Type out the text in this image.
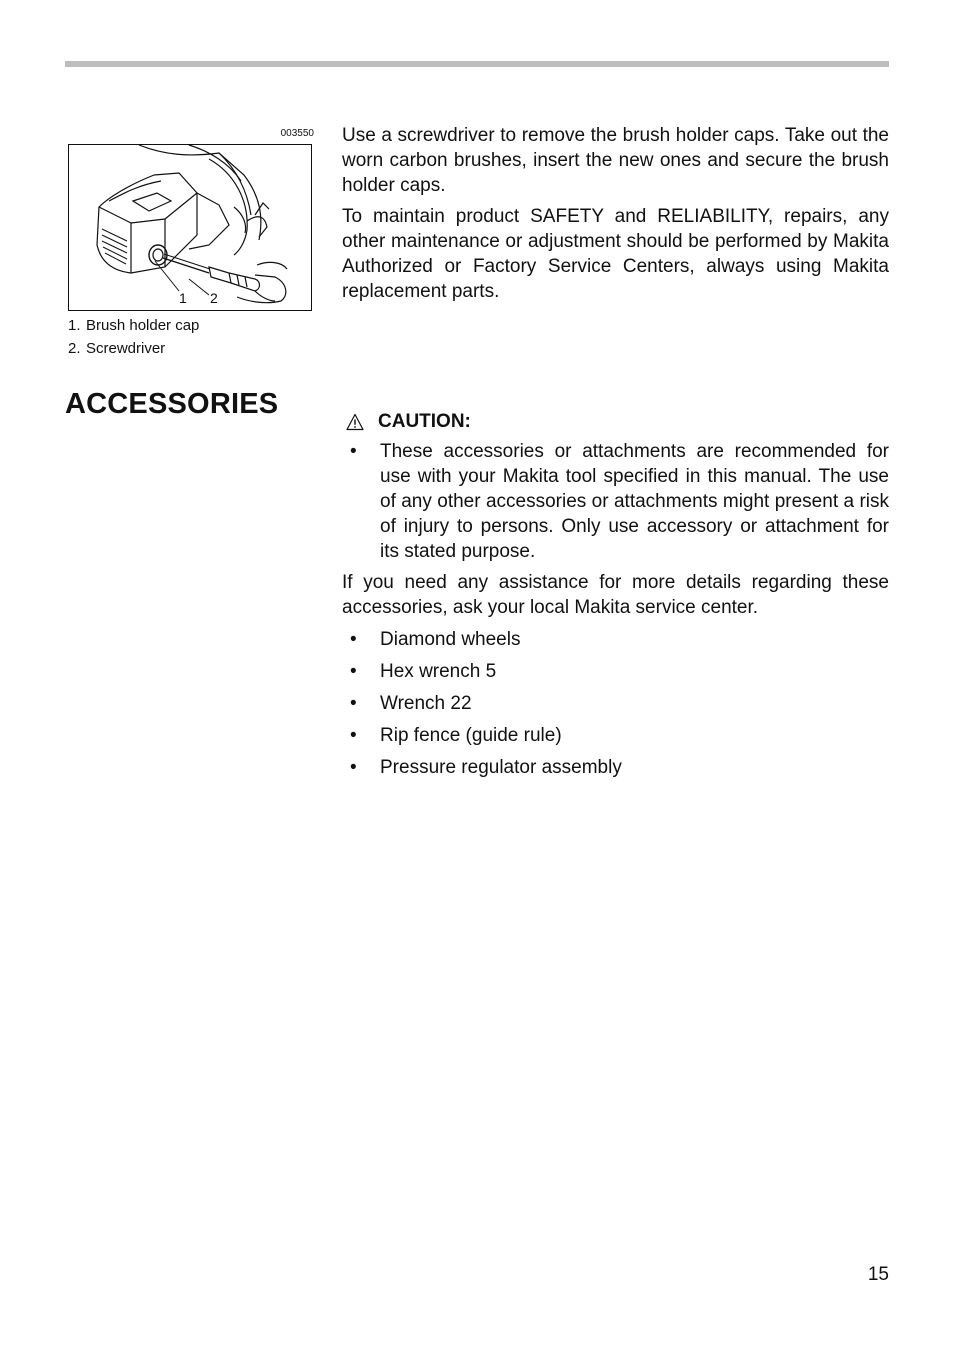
003550
1 2
1. Brush holder cap
2. Screwdriver

Use a screwdriver to remove the brush holder caps. Take out the worn carbon brushes, insert the new ones and secure the brush holder caps.

To maintain product SAFETY and RELIABILITY, repairs, any other maintenance or adjustment should be performed by Makita Authorized or Factory Service Centers, always using Makita replacement parts.

ACCESSORIES
CAUTION:
• These accessories or attachments are recommended for use with your Makita tool specified in this manual. The use of any other accessories or attachments might present a risk of injury to persons. Only use accessory or attachment for its stated purpose.

If you need any assistance for more details regarding these accessories, ask your local Makita service center.

• Diamond wheels
• Hex wrench 5
• Wrench 22
• Rip fence (guide rule)
• Pressure regulator assembly
15
